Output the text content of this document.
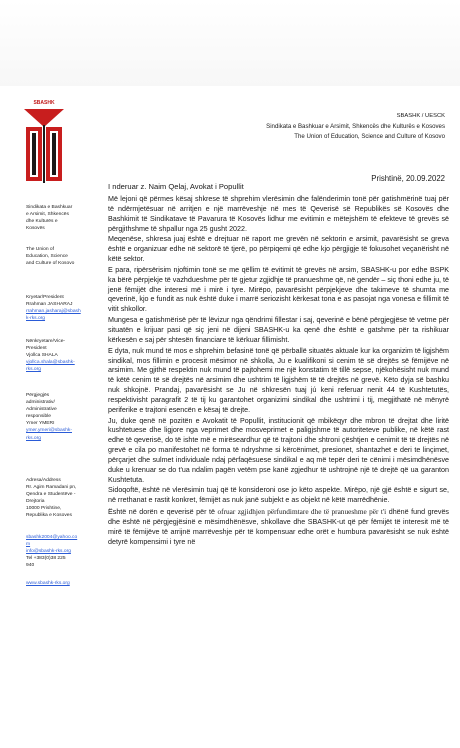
SBASHK
SBASHK / UESCK
Sindikata e Bashkuar e Arsimit, Shkencës dhe Kulturës e Kosoves
The Union of Education, Science and Culture of Kosovo
Prishtinë, 20.09.2022
Sindikata e Bashkuar
e Arsimit, Shkencës
dhe Kulturës e
Kosovës
The Union of
Education, Science
and Culture of Kosovo
Kryetar/President
Rrahman JASHARAJ
rrahman.jasharaj@sbash
k-rks.org
Nënkryetare/Vice-
President
Vjollca SHALA
vjollca.shala@sbashk-
rks.org
Përgjegjës
administrativ/
Administrative
responsible
Ymer YMERI
ymer.ymeri@sbashk-
rks.org
Adresa/Address
Rr. Agim Ramadani pn,
Qendra e Studentëve -
Drejtoria
10000 Prishtine,
Republika e Kosoves
sbashk2004@yahoo.co
m
info@sbashk-rks.org
Tel +383(0)38 225
940
www.sbashk-rks.org
I nderuar z. Naim Qelaj, Avokat i Popullit

Më lejoni që përmes kësaj shkrese të shprehim vlerësimin dhe falënderimin tonë për gatishmërinë tuaj për të ndërmjetësuar në arritjen e një marrëveshje në mes të Qeverisë së Republikës së Kosovës dhe Bashkimit të Sindikatave të Pavarura të Kosovës lidhur me evitimin e mëtejshëm të efekteve të grevës së përgjithshme të shpallur nga 25 gusht 2022.

Meqenëse, shkresa juaj është e drejtuar në raport me grevën në sektorin e arsimit, pavarësisht se greva është e organizuar edhe në sektorë të tjerë, po përpiqemi që edhe kjo përgjigje të fokusohet veçanërisht në këtë sektor.

E para, ripërsërisim njoftimin tonë se me qëllim të evitimit të grevës në arsim, SBASHK-u por edhe BSPK ka bërë përpjekje të vazhdueshme për të gjetur zgjidhje të pranueshme që, në gendër – siç thoni edhe ju, të jenë fëmijët dhe interesi më i mirë i tyre. Mirëpo, pavarësisht përpjekjeve dhe takimeve të shumta me qeverinë, kjo e fundit as nuk është duke i marrë seriozisht kërkesat tona e as pasojat nga vonesa e fillimit të vitit shkollor.

Mungesa e gatishmërisë për të lëvizur nga qëndrimi fillestar i saj, qeverinë e bënë përgjegjëse të vetme për situatën e krijuar pasi që siç jeni në dijeni SBASHK-u ka qenë dhe është e gatshme për ta rishikuar kërkesën e saj për shtesën financiare të kërkuar fillimisht.

E dyta, nuk mund të mos e shprehim befasinë tonë që përballë situatës aktuale kur ka organizim të ligjshëm sindikal, mos fillimin e procesit mësimor në shkolla, Ju e kualifikoni si cenim të së drejtës së fëmijëve në arsimim. Me gjithë respektin nuk mund të pajtohemi me një konstatim të tillë sepse, njëkohësisht nuk mund të këtë cenim të së drejtës në arsimim dhe ushtrim të ligjshëm të të drejtës në grevë. Këto dyja së bashku nuk shkojnë. Prandaj, pavarësisht se Ju në shkresën tuaj jú keni referuar nenit 44 të Kushtetutës, respektivisht paragrafit 2 të tij ku garantohet organizimi sindikal dhe ushtrimi i tij, megjithatë në mënyrë periferike e trajtoni esencën e kësaj të drejte.

Ju, duke qenë në pozitën e Avokatit të Popullit, institucionit që mbikëqyr dhe mbron të drejtat dhe liritë kushtetuese dhe ligjore nga veprimet dhe mosveprimet e paligjshme të autoriteteve publike, në këtë rast edhe të qeverisë, do të ishte më e mirëseardhur që të trajtoni dhe shtroni çështjen e cenimit të të drejtës në grevë e cila po manifestohet në forma të ndryshme si kërcënimet, presionet, shantazhet e deri te linçimet, përçarjet dhe sulmet individuale ndaj përfaqësuese sindikal e aq më tepër deri te cënimi i mësimdhënësve duke u krenuar se do t'ua ndalim pagën vetëm pse kanë zgjedhur të ushtrojnë një të drejtë që ua garanton Kushtetuta.

Sidoqoftë, është në vlerësimin tuaj që të konsideroni ose jo këto aspekte. Mirëpo, një gjë është e sigurt se, në rrethanat e rastit konkret, fëmijët as nuk janë subjekt e as objekt në këtë marrëdhënie.

Është në dorën e qeverisë për të ofruar zgjidhjen përfundimtare dhe të pranueshme për t'i dhënë fund grevës dhe është në përgjegjësinë e mësimdhënësve, shkollave dhe SBASHK-ut që për fëmijët të interesit më të mirë të fëmijëve të arrijnë marrëveshje për të kompensuar edhe orët e humbura pavarësisht se nuk është detyrë kompensimi i tyre në
